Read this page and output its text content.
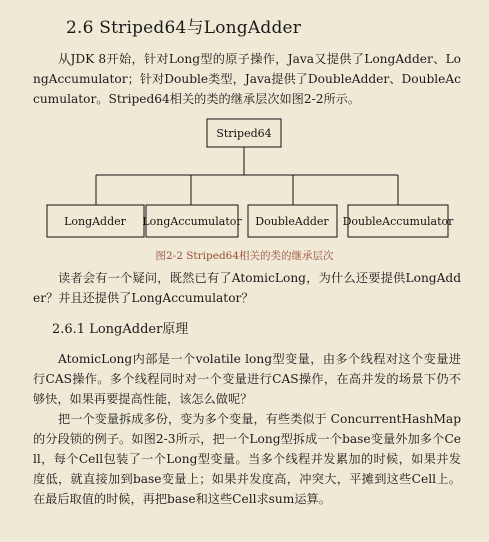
2.6 Striped64与LongAdder

从JDK 8开始，针对Long型的原子操作，Java又提供了LongAdder、LongAccumulator；针对Double类型，Java提供了DoubleAdder、DoubleAccumulator。Striped64相关的类的继承层次如图2-2所示。

Striped64
LongAdder LongAccumulator DoubleAdder DoubleAccumulator
图2-2 Striped64相关的类的继承层次

读者会有一个疑问，既然已有了AtomicLong，为什么还要提供LongAdder？并且还提供了LongAccumulator？

2.6.1 LongAdder原理

AtomicLong内部是一个volatile long型变量，由多个线程对这个变量进行CAS操作。多个线程同时对一个变量进行CAS操作，在高并发的场景下仍不够快，如果再要提高性能，该怎么做呢？

把一个变量拆成多份，变为多个变量，有些类似于 ConcurrentHashMap 的分段锁的例子。如图2-3所示，把一个Long型拆成一个base变量外加多个Cell，每个Cell包装了一个Long型变量。当多个线程并发累加的时候，如果并发度低，就直接加到base变量上；如果并发度高，冲突大，平摊到这些Cell上。在最后取值的时候，再把base和这些Cell求sum运算。
